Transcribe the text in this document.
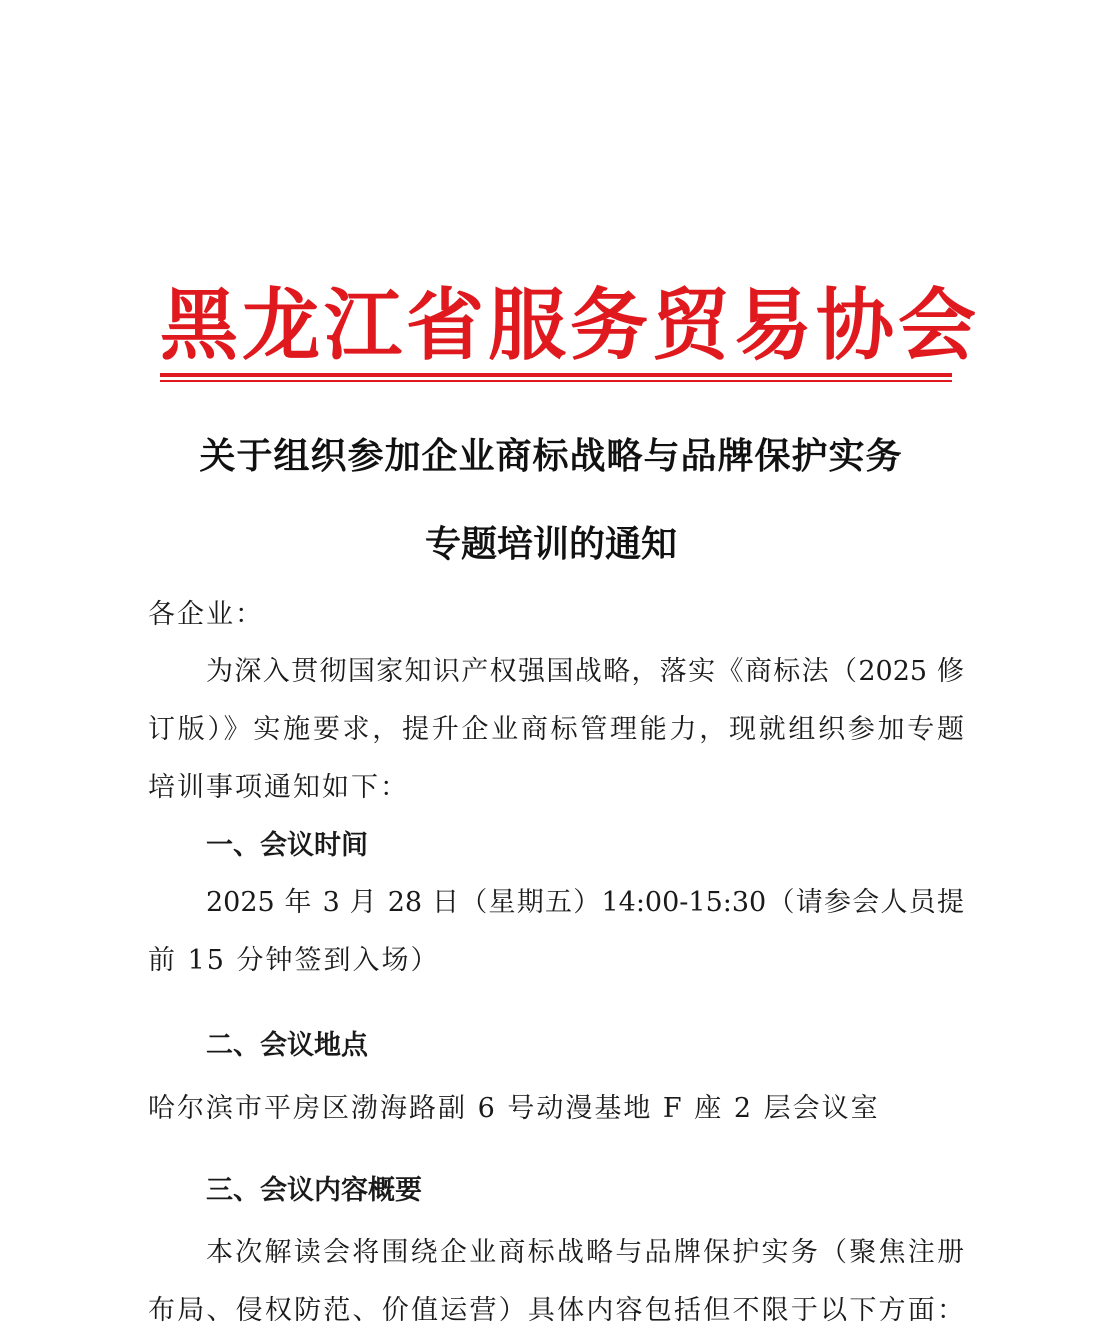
黑龙江省服务贸易协会
关于组织参加企业商标战略与品牌保护实务
专题培训的通知
各企业：
为深入贯彻国家知识产权强国战略，落实《商标法（2025 修
订版）》实施要求，提升企业商标管理能力，现就组织参加专题
培训事项通知如下：
一、会议时间
2025 年 3 月 28 日（星期五）14:00-15:30（请参会人员提
前 15 分钟签到入场）
二、会议地点
哈尔滨市平房区渤海路副 6 号动漫基地 F 座 2 层会议室
三、会议内容概要
本次解读会将围绕企业商标战略与品牌保护实务（聚焦注册
布局、侵权防范、价值运营）具体内容包括但不限于以下方面：
